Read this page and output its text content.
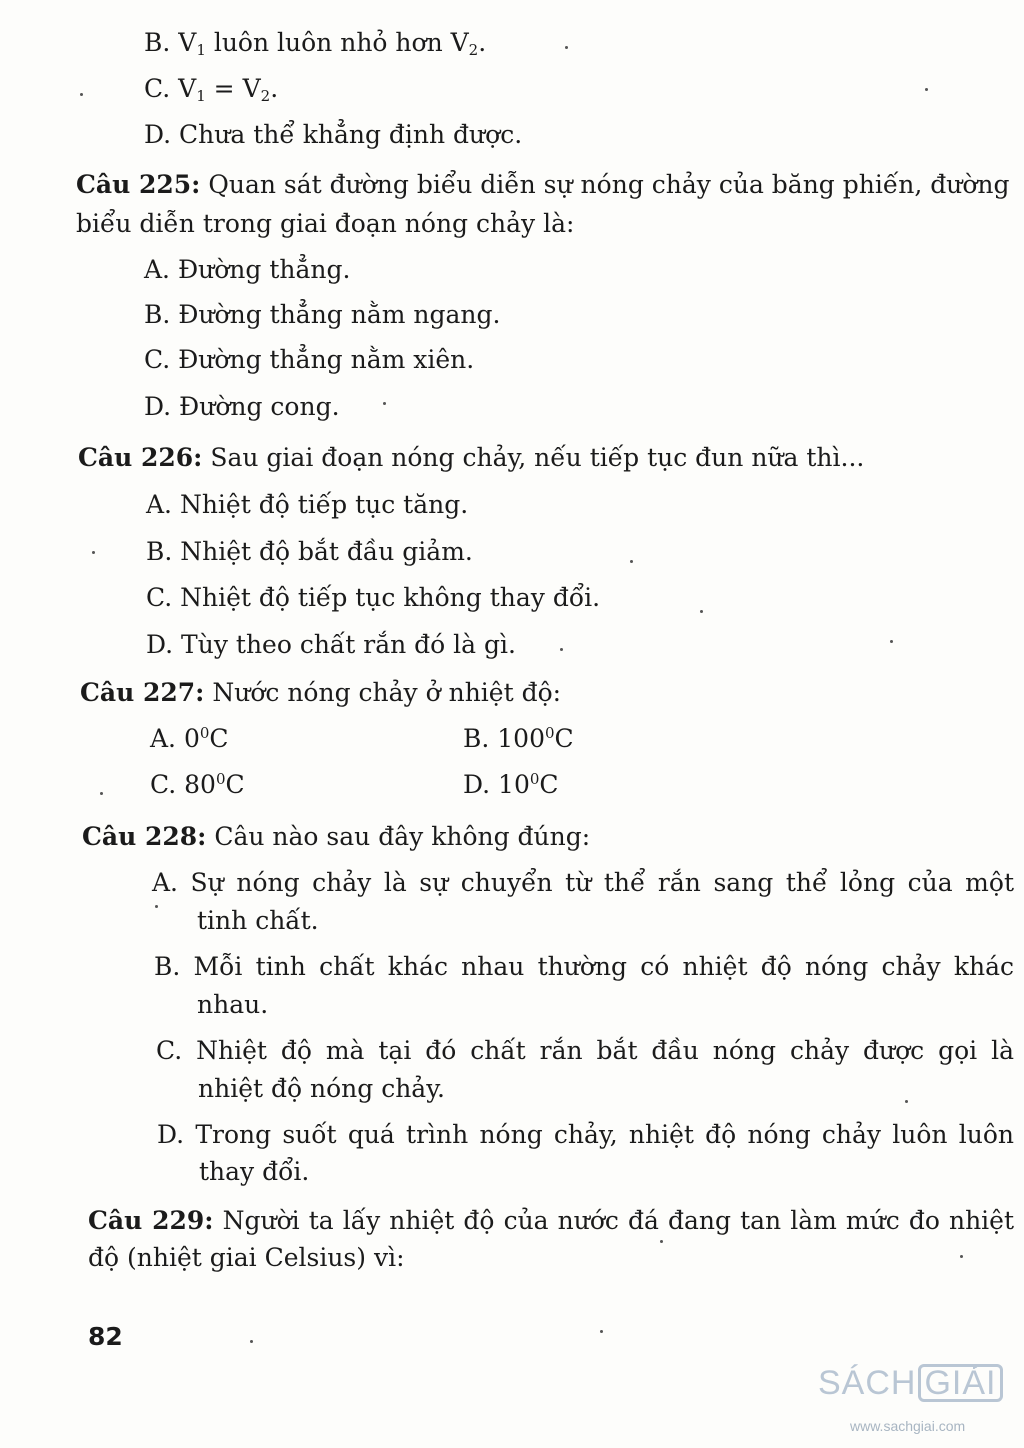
B. $V_1$ luôn luôn nhỏ hơn $V_2$.
C. $V_1 = V_2$.
D. Chưa thể khẳng định được.
Câu 225: Quan sát đường biểu diễn sự nóng chảy của băng phiến, đường
biểu diễn trong giai đoạn nóng chảy là:
A. Đường thẳng.
B. Đường thẳng nằm ngang.
C. Đường thẳng nằm xiên.
D. Đường cong.
Câu 226: Sau giai đoạn nóng chảy, nếu tiếp tục đun nữa thì...
A. Nhiệt độ tiếp tục tăng.
B. Nhiệt độ bắt đầu giảm.
C. Nhiệt độ tiếp tục không thay đổi.
D. Tùy theo chất rắn đó là gì.
Câu 227: Nước nóng chảy ở nhiệt độ:
A. $0^0C$	B. $100^0C$
C. $80^0C$	D. $10^0C$
Câu 228: Câu nào sau đây không đúng:
A. Sự nóng chảy là sự chuyển từ thể rắn sang thể lỏng của một
tinh chất.
B. Mỗi tinh chất khác nhau thường có nhiệt độ nóng chảy khác
nhau.
C. Nhiệt độ mà tại đó chất rắn bắt đầu nóng chảy được gọi là
nhiệt độ nóng chảy.
D. Trong suốt quá trình nóng chảy, nhiệt độ nóng chảy luôn luôn
thay đổi.
Câu 229: Người ta lấy nhiệt độ của nước đá đang tan làm mức đo nhiệt
độ (nhiệt giai Celsius) vì:
82
SÁCH GIẢI
www.sachgiai.com
